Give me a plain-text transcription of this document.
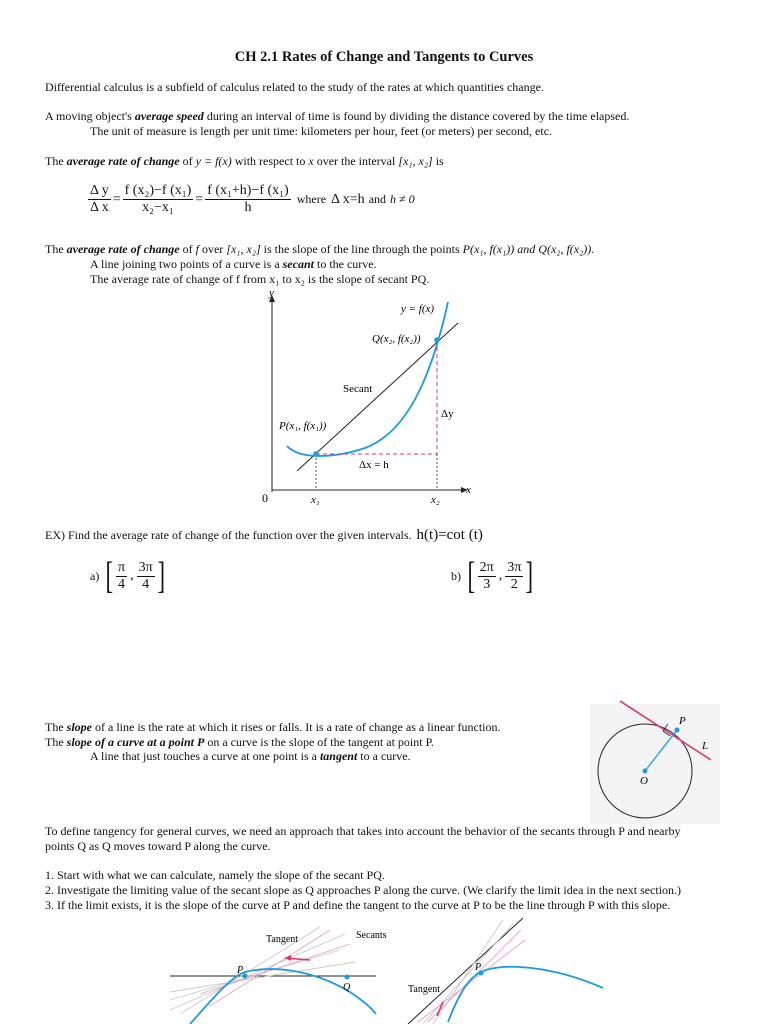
CH 2.1 Rates of Change and Tangents to Curves
Differential calculus is a subfield of calculus related to the study of the rates at which quantities change.
A moving object's average speed during an interval of time is found by dividing the distance covered by the time elapsed.
The unit of measure is length per unit time: kilometers per hour, feet (or meters) per second, etc.
The average rate of change of y = f(x) with respect to x over the interval [x₁, x₂] is
$\frac{\text{Δ y}}{\text{Δ x}} = \frac{\text{f (x₂)−f (x₁)}}{\text{x₂−x₁}} = \frac{\text{f (x₁+h)−f (x₁)}}{h}$ where Δ x=h and h ≠ 0
The average rate of change of f over [x₁, x₂] is the slope of the line through the points P(x₁, f(x₁)) and Q(x₂, f(x₂)).
A line joining two points of a curve is a secant to the curve.
The average rate of change of f from x₁ to x₂ is the slope of secant PQ.
y
x
0
y = f(x)
Q(x₂, f(x₂))
Secant
P(x₁, f(x₁))
Δy
Δx = h
x₁	x₂
EX) Find the average rate of change of the function over the given intervals. h(t)=cot (t)
a) [ $\frac{\pi}{4}$ , $\frac{3\pi}{4}$ ]	b) [ $\frac{2\pi}{3}$ , $\frac{3\pi}{2}$ ]
The slope of a line is the rate at which it rises or falls. It is a rate of change as a linear function.
The slope of a curve at a point P on a curve is the slope of the tangent at point P.
A line that just touches a curve at one point is a tangent to a curve.
P
L
O
To define tangency for general curves, we need an approach that takes into account the behavior of the secants through P and nearby
points Q as Q moves toward P along the curve.
1. Start with what we can calculate, namely the slope of the secant PQ.
2. Investigate the limiting value of the secant slope as Q approaches P along the curve. (We clarify the limit idea in the next section.)
3. If the limit exists, it is the slope of the curve at P and define the tangent to the curve at P to be the line through P with this slope.
Tangent	Secants
P
Q
P
Tangent
